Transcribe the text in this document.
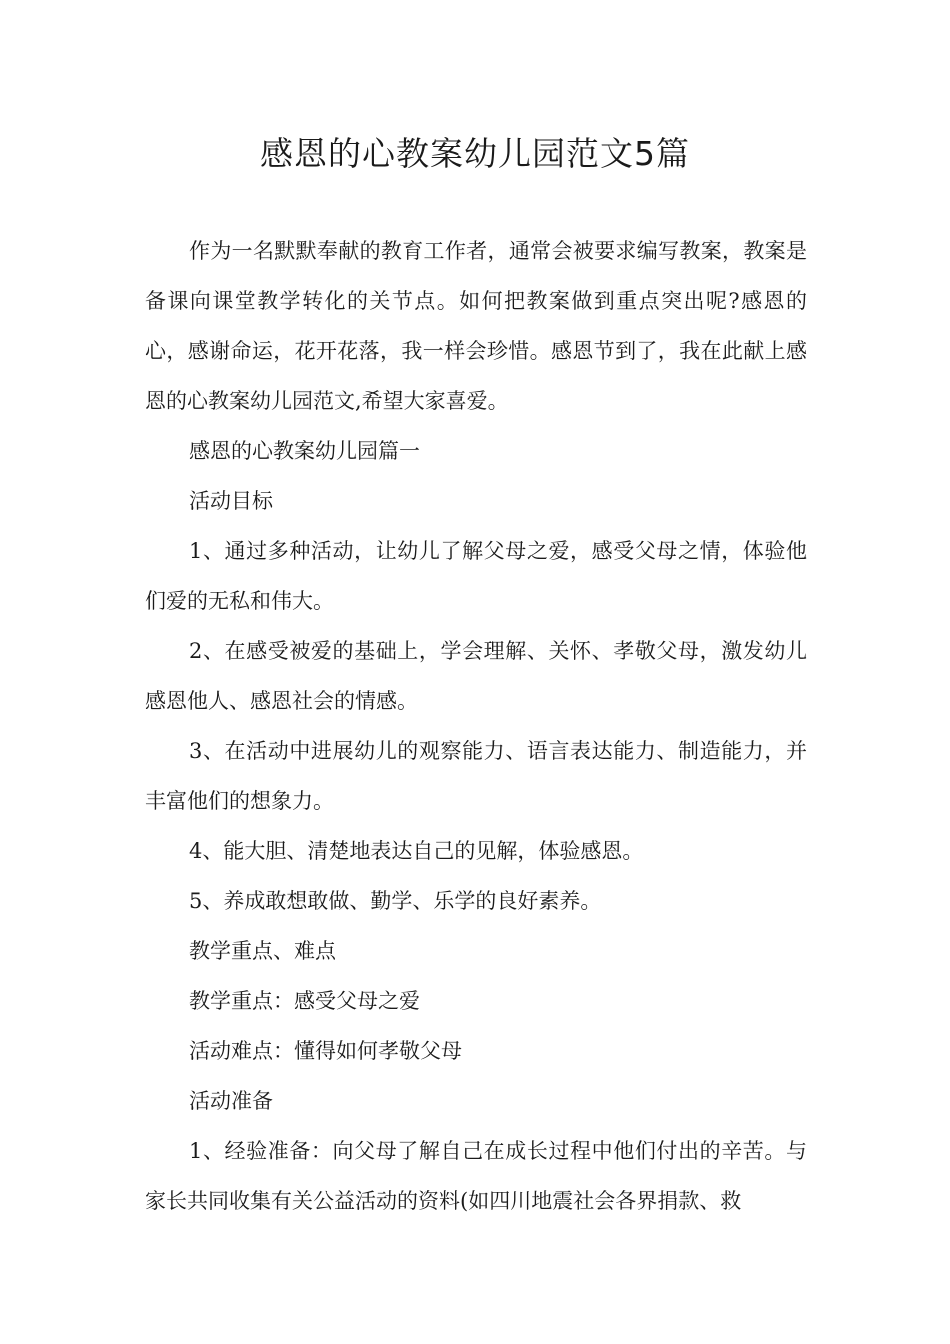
感恩的心教案幼儿园范文5篇

作为一名默默奉献的教育工作者，通常会被要求编写教案，教案是备课向课堂教学转化的关节点。如何把教案做到重点突出呢?感恩的心，感谢命运，花开花落，我一样会珍惜。感恩节到了，我在此献上感恩的心教案幼儿园范文,希望大家喜爱。

感恩的心教案幼儿园篇一

活动目标

1、通过多种活动，让幼儿了解父母之爱，感受父母之情，体验他们爱的无私和伟大。

2、在感受被爱的基础上，学会理解、关怀、孝敬父母，激发幼儿感恩他人、感恩社会的情感。

3、在活动中进展幼儿的观察能力、语言表达能力、制造能力，并丰富他们的想象力。

4、能大胆、清楚地表达自己的见解，体验感恩。

5、养成敢想敢做、勤学、乐学的良好素养。

教学重点、难点

教学重点：感受父母之爱

活动难点：懂得如何孝敬父母

活动准备

1、经验准备：向父母了解自己在成长过程中他们付出的辛苦。与家长共同收集有关公益活动的资料(如四川地震社会各界捐款、救
